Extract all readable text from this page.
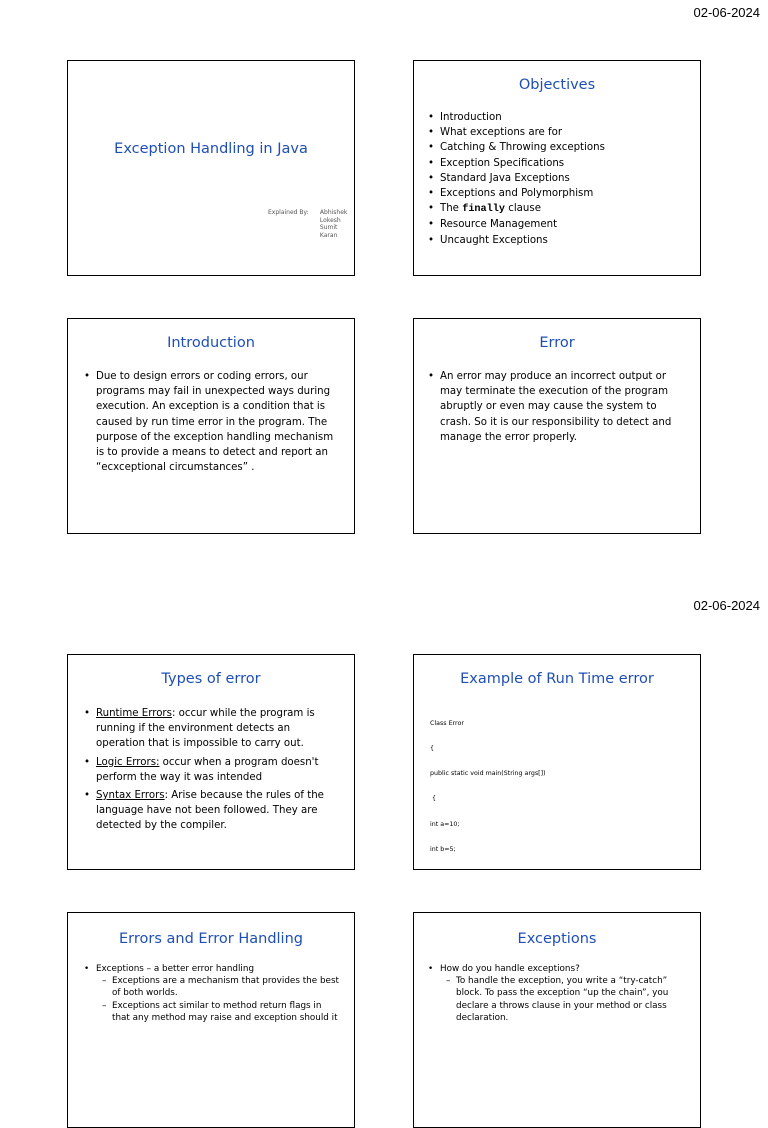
02-06-2024
Exception Handling in Java
Explained By: Abhishek
Lokesh
Sumit
Karan
Objectives
• Introduction
• What exceptions are for
• Catching & Throwing exceptions
• Exception Specifications
• Standard Java Exceptions
• Exceptions and Polymorphism
• The finally clause
• Resource Management
• Uncaught Exceptions
Introduction
• Due to design errors or coding errors, our programs may fail in unexpected ways during execution. An exception is a condition that is caused by run time error in the program. The purpose of the exception handling mechanism is to provide a means to detect and report an “ecxceptional circumstances” .
Error
• An error may produce an incorrect output or may terminate the execution of the program abruptly or even may cause the system to crash. So it is our responsibility to detect and manage the error properly.
02-06-2024
Types of error
• Runtime Errors: occur while the program is running if the environment detects an operation that is impossible to carry out.
• Logic Errors: occur when a program doesn't perform the way it was intended
• Syntax Errors: Arise because the rules of the language have not been followed. They are detected by the compiler.
Example of Run Time error

Class Error

{

public static void main(String args[])

{

int a=10;

int b=5;

Errors and Error Handling
• Exceptions – a better error handling
– Exceptions are a mechanism that provides the best of both worlds.
– Exceptions act similar to method return flags in that any method may raise and exception should it
Exceptions
• How do you handle exceptions?
– To handle the exception, you write a “try-catch” block. To pass the exception “up the chain”, you declare a throws clause in your method or class declaration.
